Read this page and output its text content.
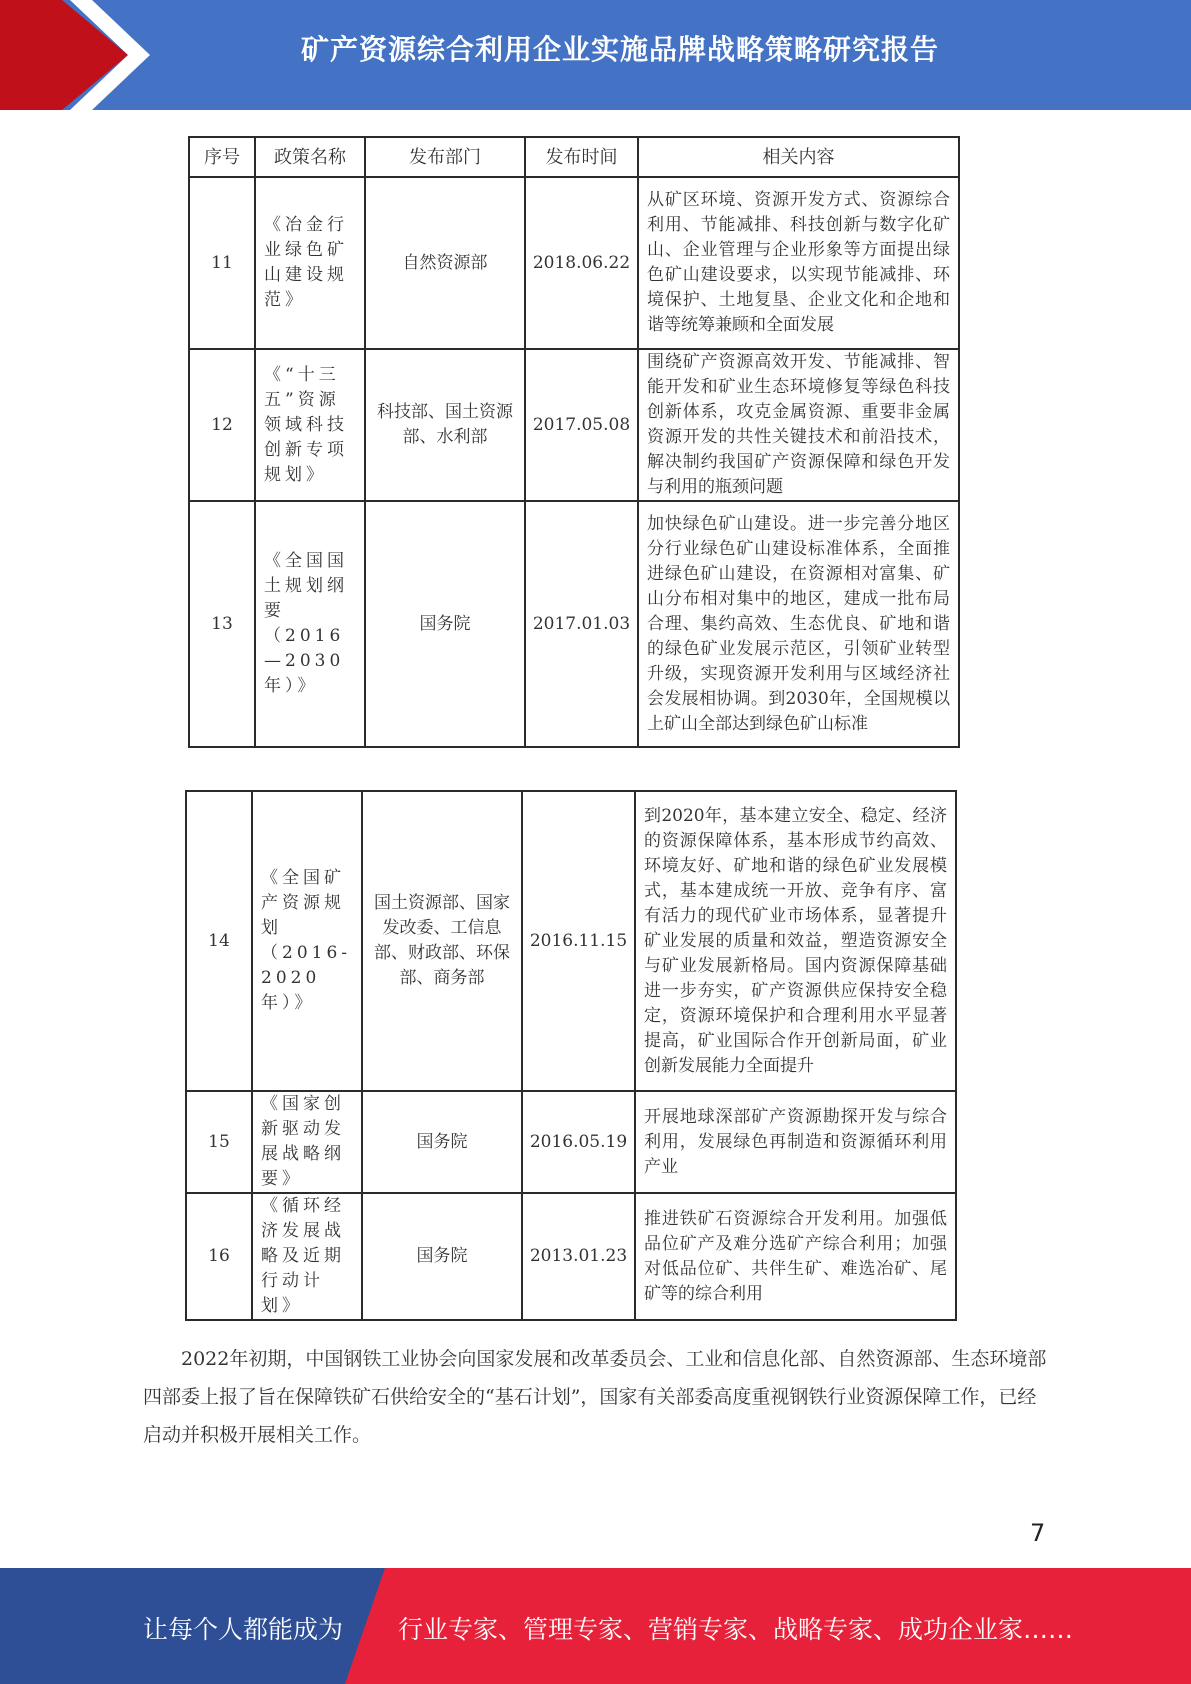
矿产资源综合利用企业实施品牌战略策略研究报告
序号	政策名称	发布部门	发布时间	相关内容
11	《冶金行业绿色矿山建设规范》	自然资源部	2018.06.22	从矿区环境、资源开发方式、资源综合利用、节能减排、科技创新与数字化矿山、企业管理与企业形象等方面提出绿色矿山建设要求，以实现节能减排、环境保护、土地复垦、企业文化和企地和谐等统筹兼顾和全面发展
12	《“十三五”资源领域科技创新专项规划》	科技部、国土资源部、水利部	2017.05.08	围绕矿产资源高效开发、节能减排、智能开发和矿业生态环境修复等绿色科技创新体系，攻克金属资源、重要非金属资源开发的共性关键技术和前沿技术，解决制约我国矿产资源保障和绿色开发与利用的瓶颈问题
13	《全国国土规划纲要（2016—2030年）》	国务院	2017.01.03	加快绿色矿山建设。进一步完善分地区分行业绿色矿山建设标准体系，全面推进绿色矿山建设，在资源相对富集、矿山分布相对集中的地区，建成一批布局合理、集约高效、生态优良、矿地和谐的绿色矿业发展示范区，引领矿业转型升级，实现资源开发利用与区域经济社会发展相协调。到2030年，全国规模以上矿山全部达到绿色矿山标准
14	《全国矿产资源规划（2016-2020年）》	国土资源部、国家发改委、工信息部、财政部、环保部、商务部	2016.11.15	到2020年，基本建立安全、稳定、经济的资源保障体系，基本形成节约高效、环境友好、矿地和谐的绿色矿业发展模式，基本建成统一开放、竞争有序、富有活力的现代矿业市场体系，显著提升矿业发展的质量和效益，塑造资源安全与矿业发展新格局。国内资源保障基础进一步夯实，矿产资源供应保持安全稳定，资源环境保护和合理利用水平显著提高，矿业国际合作开创新局面，矿业创新发展能力全面提升
15	《国家创新驱动发展战略纲要》	国务院	2016.05.19	开展地球深部矿产资源勘探开发与综合利用，发展绿色再制造和资源循环利用产业
16	《循环经济发展战略及近期行动计划》	国务院	2013.01.23	推进铁矿石资源综合开发利用。加强低品位矿产及难分选矿产综合利用；加强对低品位矿、共伴生矿、难选冶矿、尾矿等的综合利用

2022年初期，中国钢铁工业协会向国家发展和改革委员会、工业和信息化部、自然资源部、生态环境部四部委上报了旨在保障铁矿石供给安全的“基石计划”，国家有关部委高度重视钢铁行业资源保障工作，已经启动并积极开展相关工作。

7
让每个人都能成为 行业专家、管理专家、营销专家、战略专家、成功企业家……
